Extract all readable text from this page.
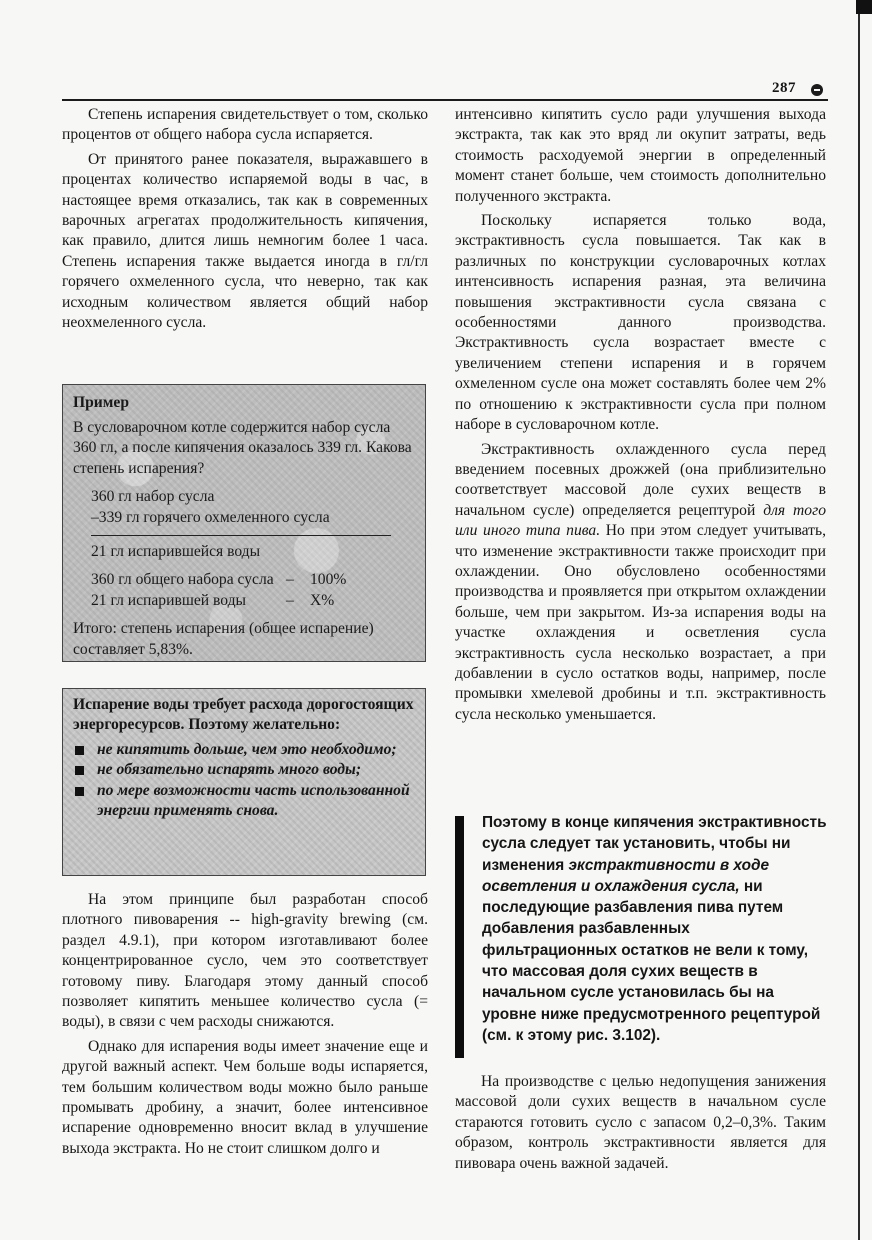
287

Степень испарения свидетельствует о том, сколько процентов от общего набора сусла испаряется.

От принятого ранее показателя, выражавшего в процентах количество испаряемой воды в час, в настоящее время отказались, так как в современных варочных агрегатах продолжительность кипячения, как правило, длится лишь немногим более 1 часа. Степень испарения также выдается иногда в гл/гл горячего охмеленного сусла, что неверно, так как исходным количеством является общий набор неохмеленного сусла.

Пример
В сусловарочном котле содержится набор сусла 360 гл, а после кипячения оказалось 339 гл. Какова степень испарения?
360 гл набор сусла
–339 гл горячего охмеленного сусла
21 гл испарившейся воды
360 гл общего набора сусла –	100%
21 гл испарившей воды	–	X%
Итого: степень испарения (общее испарение) составляет 5,83%.
Испарение воды требует расхода дорогостоящих энергоресурсов. Поэтому желательно:
не кипятить дольше, чем это необходимо;
не обязательно испарять много воды;
по мере возможности часть использованной энергии применять снова.

На этом принципе был разработан способ плотного пивоварения -- high-gravity brewing (см. раздел 4.9.1), при котором изготавливают более концентрированное сусло, чем это соответствует готовому пиву. Благодаря этому данный способ позволяет кипятить меньшее количество сусла (= воды), в связи с чем расходы снижаются.

Однако для испарения воды имеет значение еще и другой важный аспект. Чем больше воды испаряется, тем большим количеством воды можно было раньше промывать дробину, а значит, более интенсивное испарение одновременно вносит вклад в улучшение выхода экстракта. Но не стоит слишком долго и

интенсивно кипятить сусло ради улучшения выхода экстракта, так как это вряд ли окупит затраты, ведь стоимость расходуемой энергии в определенный момент станет больше, чем стоимость дополнительно полученного экстракта.

Поскольку испаряется только вода, экстрактивность сусла повышается. Так как в различных по конструкции сусловарочных котлах интенсивность испарения разная, эта величина повышения экстрактивности сусла связана с особенностями данного производства. Экстрактивность сусла возрастает вместе с увеличением степени испарения и в горячем охмеленном сусле она может составлять более чем 2% по отношению к экстрактивности сусла при полном наборе в сусловарочном котле.

Экстрактивность охлажденного сусла перед введением посевных дрожжей (она приблизительно соответствует массовой доле сухих веществ в начальном сусле) определяется рецептурой для того или иного типа пива. Но при этом следует учитывать, что изменение экстрактивности также происходит при охлаждении. Оно обусловлено особенностями производства и проявляется при открытом охлаждении больше, чем при закрытом. Из-за испарения воды на участке охлаждения и осветления сусла экстрактивность сусла несколько возрастает, а при добавлении в сусло остатков воды, например, после промывки хмелевой дробины и т.п. экстрактивность сусла несколько уменьшается.

Поэтому в конце кипячения экстрактивность сусла следует так установить, чтобы ни изменения экстрактивности в ходе осветления и охлаждения сусла, ни последующие разбавления пива путем добавления разбавленных фильтрационных остатков не вели к тому, что массовая доля сухих веществ в начальном сусле установилась бы на уровне ниже предусмотренного рецептурой (см. к этому рис. 3.102).

На производстве с целью недопущения занижения массовой доли сухих веществ в начальном сусле стараются готовить сусло с запасом 0,2–0,3%. Таким образом, контроль экстрактивности является для пивовара очень важной задачей.
